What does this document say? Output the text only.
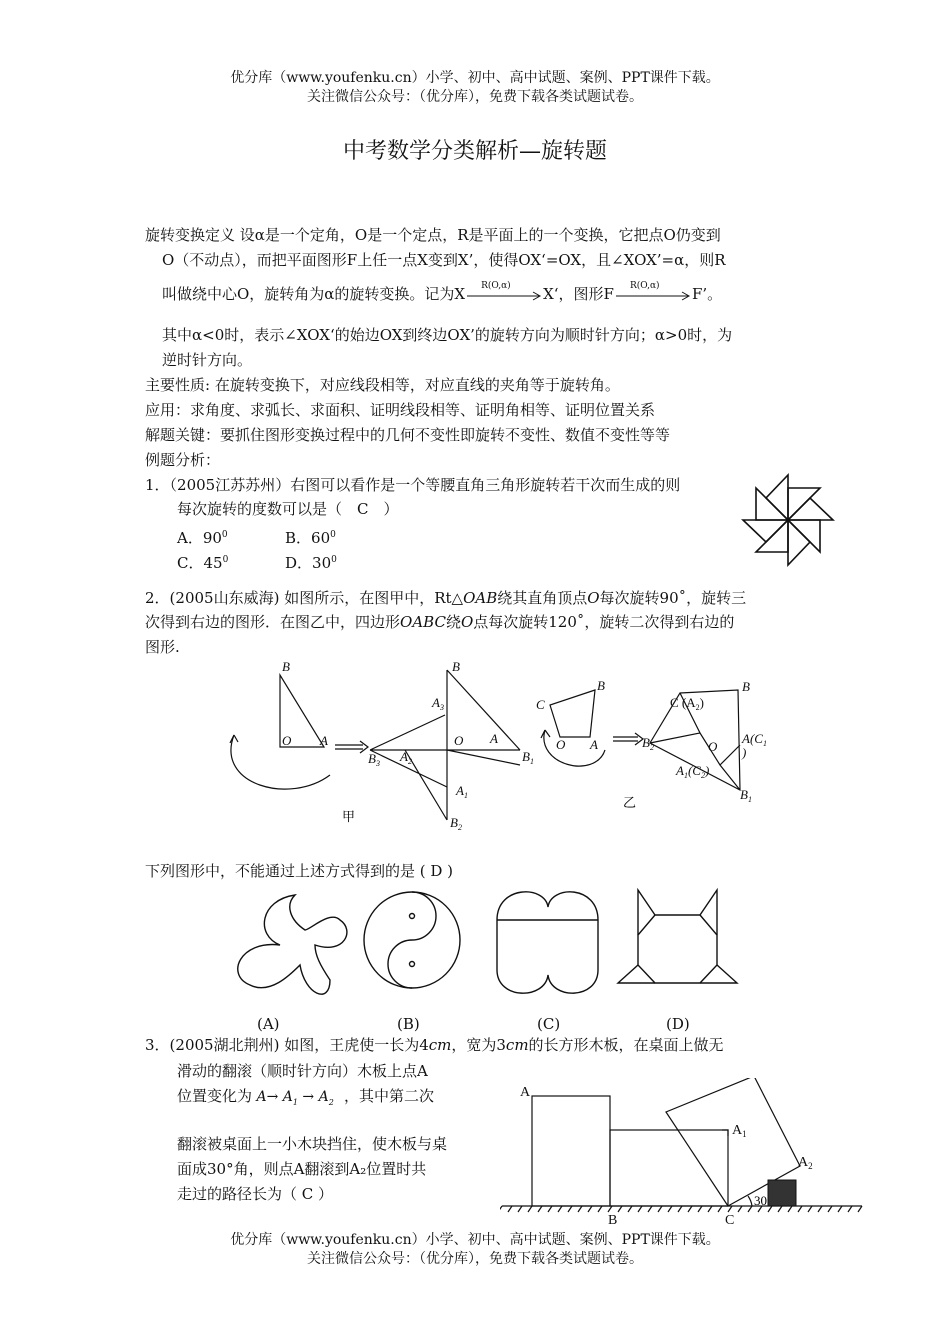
优分库（www.youfenku.cn）小学、初中、高中试题、案例、PPT课件下载。
关注微信公众号：（优分库），免费下载各类试题试卷。
中考数学分类解析—旋转题
旋转变换定义 设α是一个定角，O是一个定点，R是平面上的一个变换，它把点O仍变到
O（不动点），而把平面图形F上任一点X变到X’，使得OX‘=OX，且∠XOX’=α，则R
叫做绕中心O，旋转角为α的旋转变换。记为X R(O,α) X‘，图形F R(O,α) F’。
其中α<0时，表示∠XOX‘的始边OX到终边OX’的旋转方向为顺时针方向；α>0时，为
逆时针方向。
主要性质: 在旋转变换下，对应线段相等，对应直线的夹角等于旋转角。
应用：求角度、求弧长、求面积、证明线段相等、证明角相等、证明位置关系
解题关键：要抓住图形变换过程中的几何不变性即旋转不变性、数值不变性等等
例题分析：
1．（2005江苏苏州）右图可以看作是一个等腰直角三角形旋转若干次而生成的则
每次旋转的度数可以是（　C　）
A．$90^0$	B．$60^0$
C．$45^0$	D．$30^0$
2．(2005山东威海) 如图所示，在图甲中，Rt△OAB绕其直角顶点O每次旋转90˚，旋转三
次得到右边的图形．在图乙中，四边形OABC绕O点每次旋转120˚，旋转二次得到右边的
图形.
B
O A
B
$A_3$
O A
$B_3$ $A_2$	$B_1$
$A_1$
$B_2$
B
C
O A
C $(A_2)$
B
$A(C_1$
)
$B_2$	O
$A_1(C_2)$
$B_1$
甲
乙
下列图形中，不能通过上述方式得到的是 ( D )
(A)	(B)	(C)	(D)
3．(2005湖北荆州) 如图，王虎使一长为4cm，宽为3cm的长方形木板，在桌面上做无
滑动的翻滚（顺时针方向）木板上点A
位置变化为 $A\to A_1 \to A_2$ ，其中第二次
翻滚被桌面上一小木块挡住，使木板与桌
面成30°角，则点A翻滚到A₂位置时共
走过的路径长为（ C ）
A
$A_1$
$A_2$
B	C
30
优分库（www.youfenku.cn）小学、初中、高中试题、案例、PPT课件下载。
关注微信公众号：（优分库），免费下载各类试题试卷。
